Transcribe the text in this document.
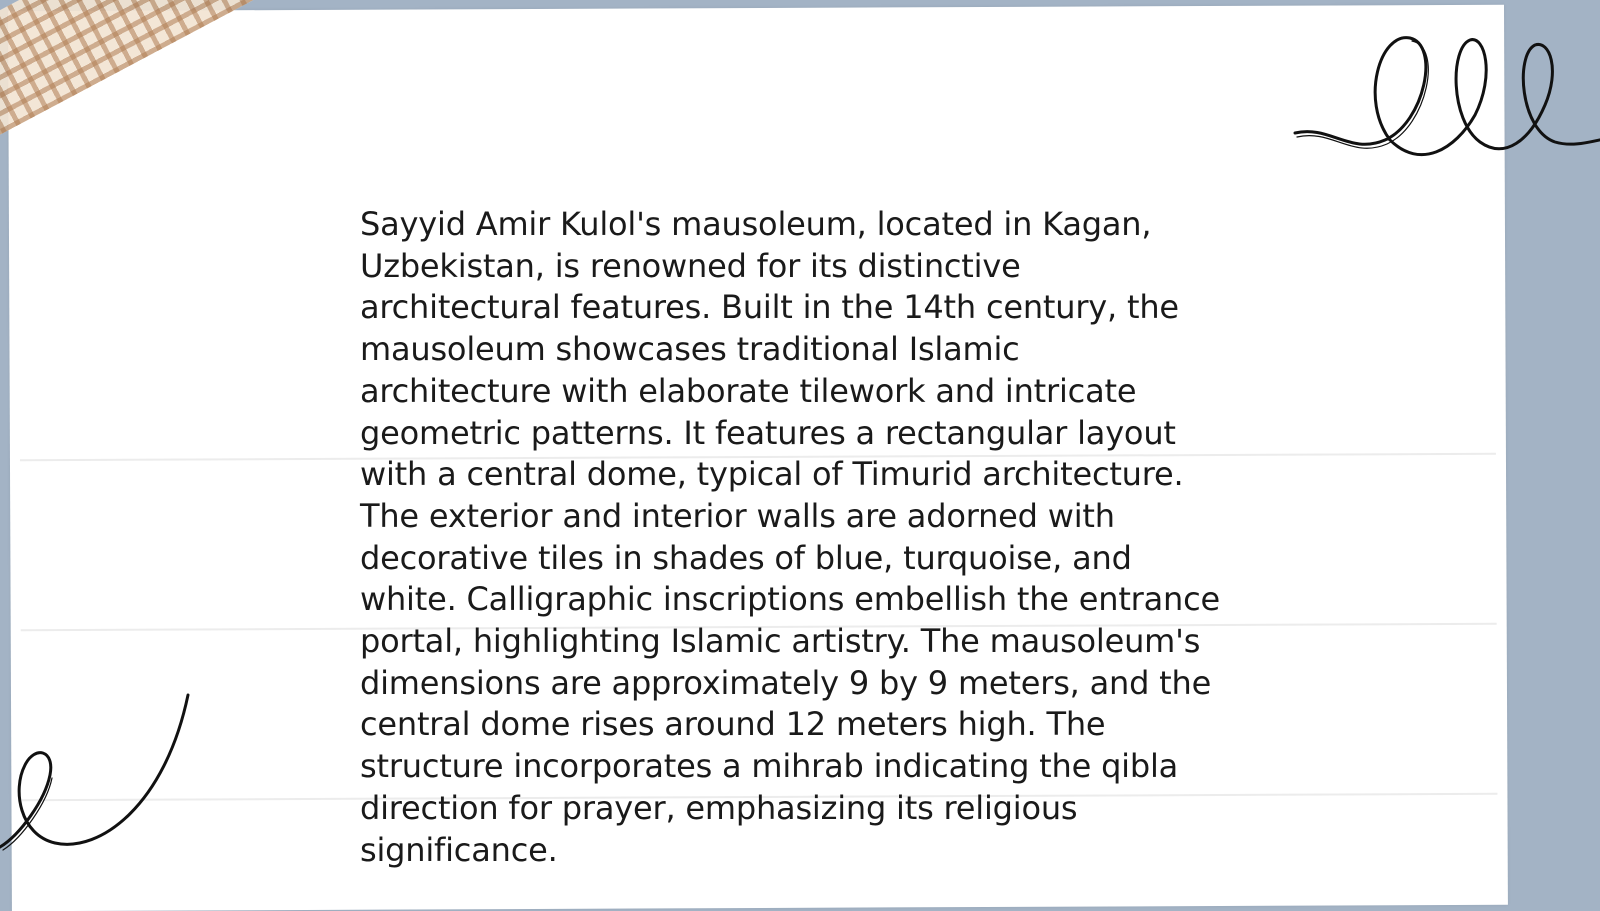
Sayyid Amir Kulol's mausoleum, located in Kagan,
Uzbekistan, is renowned for its distinctive
architectural features. Built in the 14th century, the
mausoleum showcases traditional Islamic
architecture with elaborate tilework and intricate
geometric patterns. It features a rectangular layout
with a central dome, typical of Timurid architecture.
The exterior and interior walls are adorned with
decorative tiles in shades of blue, turquoise, and
white. Calligraphic inscriptions embellish the entrance
portal, highlighting Islamic artistry. The mausoleum's
dimensions are approximately 9 by 9 meters, and the
central dome rises around 12 meters high. The
structure incorporates a mihrab indicating the qibla
direction for prayer, emphasizing its religious
significance.
